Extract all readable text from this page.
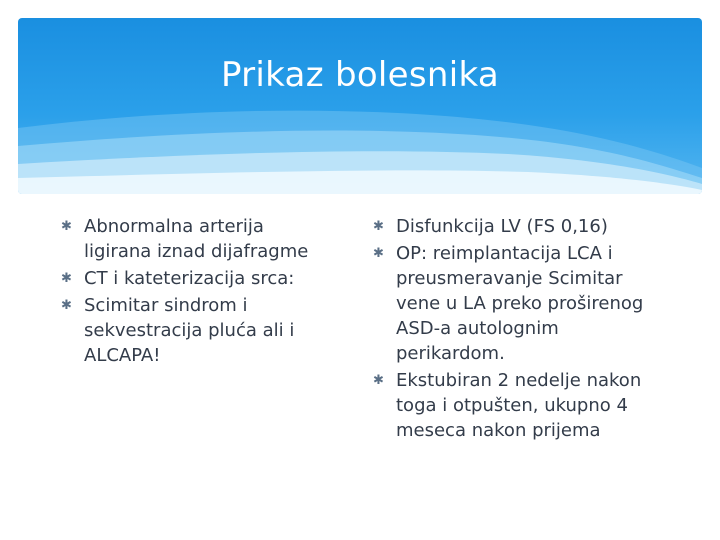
Prikaz bolesnika
✱ Abnormalna arterija ligirana iznad dijafragme
✱ CT i kateterizacija srca:
✱ Scimitar sindrom i sekvestracija pluća ali i ALCAPA!
✱ Disfunkcija LV (FS 0,16)
✱ OP: reimplantacija LCA i preusmeravanje Scimitar vene u LA preko proširenog ASD-a autolognim perikardom.
✱ Ekstubiran 2 nedelje nakon toga i otpušten, ukupno 4 meseca nakon prijema
